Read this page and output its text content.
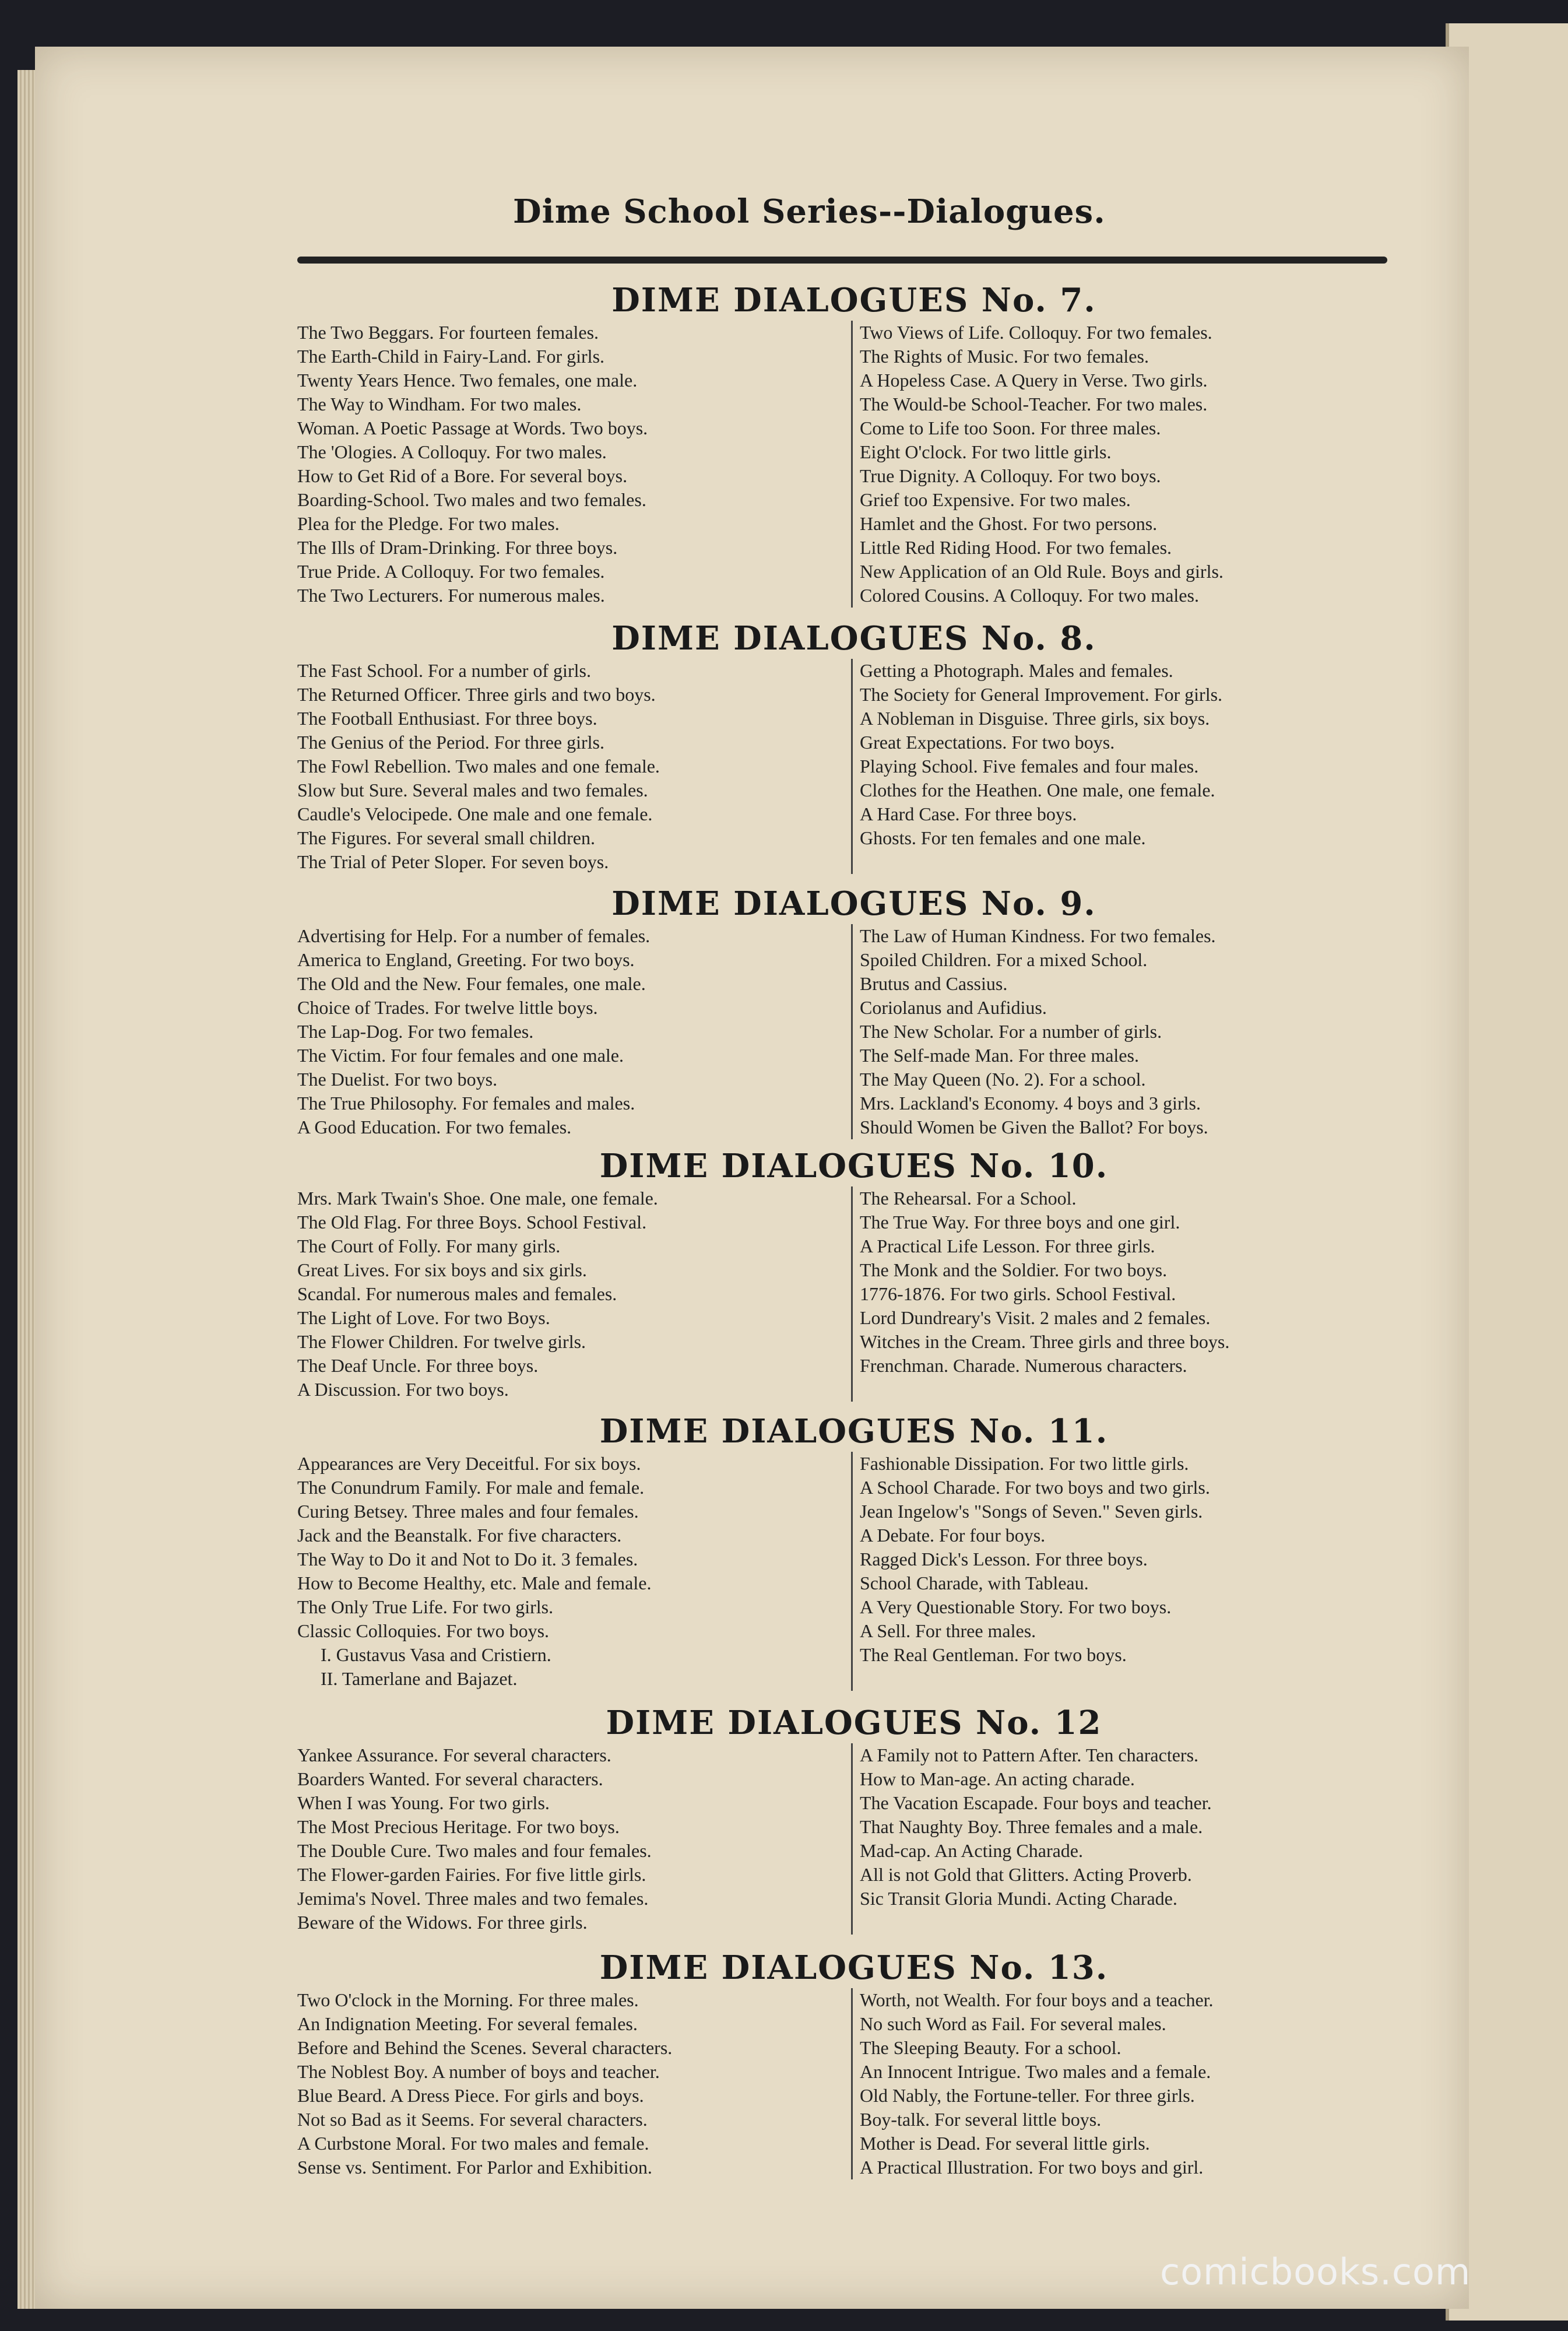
Dime School Series--Dialogues.
DIME DIALOGUES No. 7.
The Two Beggars. For fourteen females.
The Earth-Child in Fairy-Land. For girls.
Twenty Years Hence. Two females, one male.
The Way to Windham. For two males.
Woman. A Poetic Passage at Words. Two boys.
The 'Ologies. A Colloquy. For two males.
How to Get Rid of a Bore. For several boys.
Boarding-School. Two males and two females.
Plea for the Pledge. For two males.
The Ills of Dram-Drinking. For three boys.
True Pride. A Colloquy. For two females.
The Two Lecturers. For numerous males.
Two Views of Life. Colloquy. For two females.
The Rights of Music. For two females.
A Hopeless Case. A Query in Verse. Two girls.
The Would-be School-Teacher. For two males.
Come to Life too Soon. For three males.
Eight O'clock. For two little girls.
True Dignity. A Colloquy. For two boys.
Grief too Expensive. For two males.
Hamlet and the Ghost. For two persons.
Little Red Riding Hood. For two females.
New Application of an Old Rule. Boys and girls.
Colored Cousins. A Colloquy. For two males.
DIME DIALOGUES No. 8.
The Fast School. For a number of girls.
The Returned Officer. Three girls and two boys.
The Football Enthusiast. For three boys.
The Genius of the Period. For three girls.
The Fowl Rebellion. Two males and one female.
Slow but Sure. Several males and two females.
Caudle's Velocipede. One male and one female.
The Figures. For several small children.
The Trial of Peter Sloper. For seven boys.
Getting a Photograph. Males and females.
The Society for General Improvement. For girls.
A Nobleman in Disguise. Three girls, six boys.
Great Expectations. For two boys.
Playing School. Five females and four males.
Clothes for the Heathen. One male, one female.
A Hard Case. For three boys.
Ghosts. For ten females and one male.
DIME DIALOGUES No. 9.
Advertising for Help. For a number of females.
America to England, Greeting. For two boys.
The Old and the New. Four females, one male.
Choice of Trades. For twelve little boys.
The Lap-Dog. For two females.
The Victim. For four females and one male.
The Duelist. For two boys.
The True Philosophy. For females and males.
A Good Education. For two females.
The Law of Human Kindness. For two females.
Spoiled Children. For a mixed School.
Brutus and Cassius.
Coriolanus and Aufidius.
The New Scholar. For a number of girls.
The Self-made Man. For three males.
The May Queen (No. 2). For a school.
Mrs. Lackland's Economy. 4 boys and 3 girls.
Should Women be Given the Ballot? For boys.
DIME DIALOGUES No. 10.
Mrs. Mark Twain's Shoe. One male, one female.
The Old Flag. For three Boys. School Festival.
The Court of Folly. For many girls.
Great Lives. For six boys and six girls.
Scandal. For numerous males and females.
The Light of Love. For two Boys.
The Flower Children. For twelve girls.
The Deaf Uncle. For three boys.
A Discussion. For two boys.
The Rehearsal. For a School.
The True Way. For three boys and one girl.
A Practical Life Lesson. For three girls.
The Monk and the Soldier. For two boys.
1776-1876. For two girls. School Festival.
Lord Dundreary's Visit. 2 males and 2 females.
Witches in the Cream. Three girls and three boys.
Frenchman. Charade. Numerous characters.
DIME DIALOGUES No. 11.
Appearances are Very Deceitful. For six boys.
The Conundrum Family. For male and female.
Curing Betsey. Three males and four females.
Jack and the Beanstalk. For five characters.
The Way to Do it and Not to Do it. 3 females.
How to Become Healthy, etc. Male and female.
The Only True Life. For two girls.
Classic Colloquies. For two boys.
I. Gustavus Vasa and Cristiern.
II. Tamerlane and Bajazet.
Fashionable Dissipation. For two little girls.
A School Charade. For two boys and two girls.
Jean Ingelow's "Songs of Seven." Seven girls.
A Debate. For four boys.
Ragged Dick's Lesson. For three boys.
School Charade, with Tableau.
A Very Questionable Story. For two boys.
A Sell. For three males.
The Real Gentleman. For two boys.
DIME DIALOGUES No. 12
Yankee Assurance. For several characters.
Boarders Wanted. For several characters.
When I was Young. For two girls.
The Most Precious Heritage. For two boys.
The Double Cure. Two males and four females.
The Flower-garden Fairies. For five little girls.
Jemima's Novel. Three males and two females.
Beware of the Widows. For three girls.
A Family not to Pattern After. Ten characters.
How to Man-age. An acting charade.
The Vacation Escapade. Four boys and teacher.
That Naughty Boy. Three females and a male.
Mad-cap. An Acting Charade.
All is not Gold that Glitters. Acting Proverb.
Sic Transit Gloria Mundi. Acting Charade.
DIME DIALOGUES No. 13.
Two O'clock in the Morning. For three males.
An Indignation Meeting. For several females.
Before and Behind the Scenes. Several characters.
The Noblest Boy. A number of boys and teacher.
Blue Beard. A Dress Piece. For girls and boys.
Not so Bad as it Seems. For several characters.
A Curbstone Moral. For two males and female.
Sense vs. Sentiment. For Parlor and Exhibition.
Worth, not Wealth. For four boys and a teacher.
No such Word as Fail. For several males.
The Sleeping Beauty. For a school.
An Innocent Intrigue. Two males and a female.
Old Nably, the Fortune-teller. For three girls.
Boy-talk. For several little boys.
Mother is Dead. For several little girls.
A Practical Illustration. For two boys and girl.
comicbooks.com
